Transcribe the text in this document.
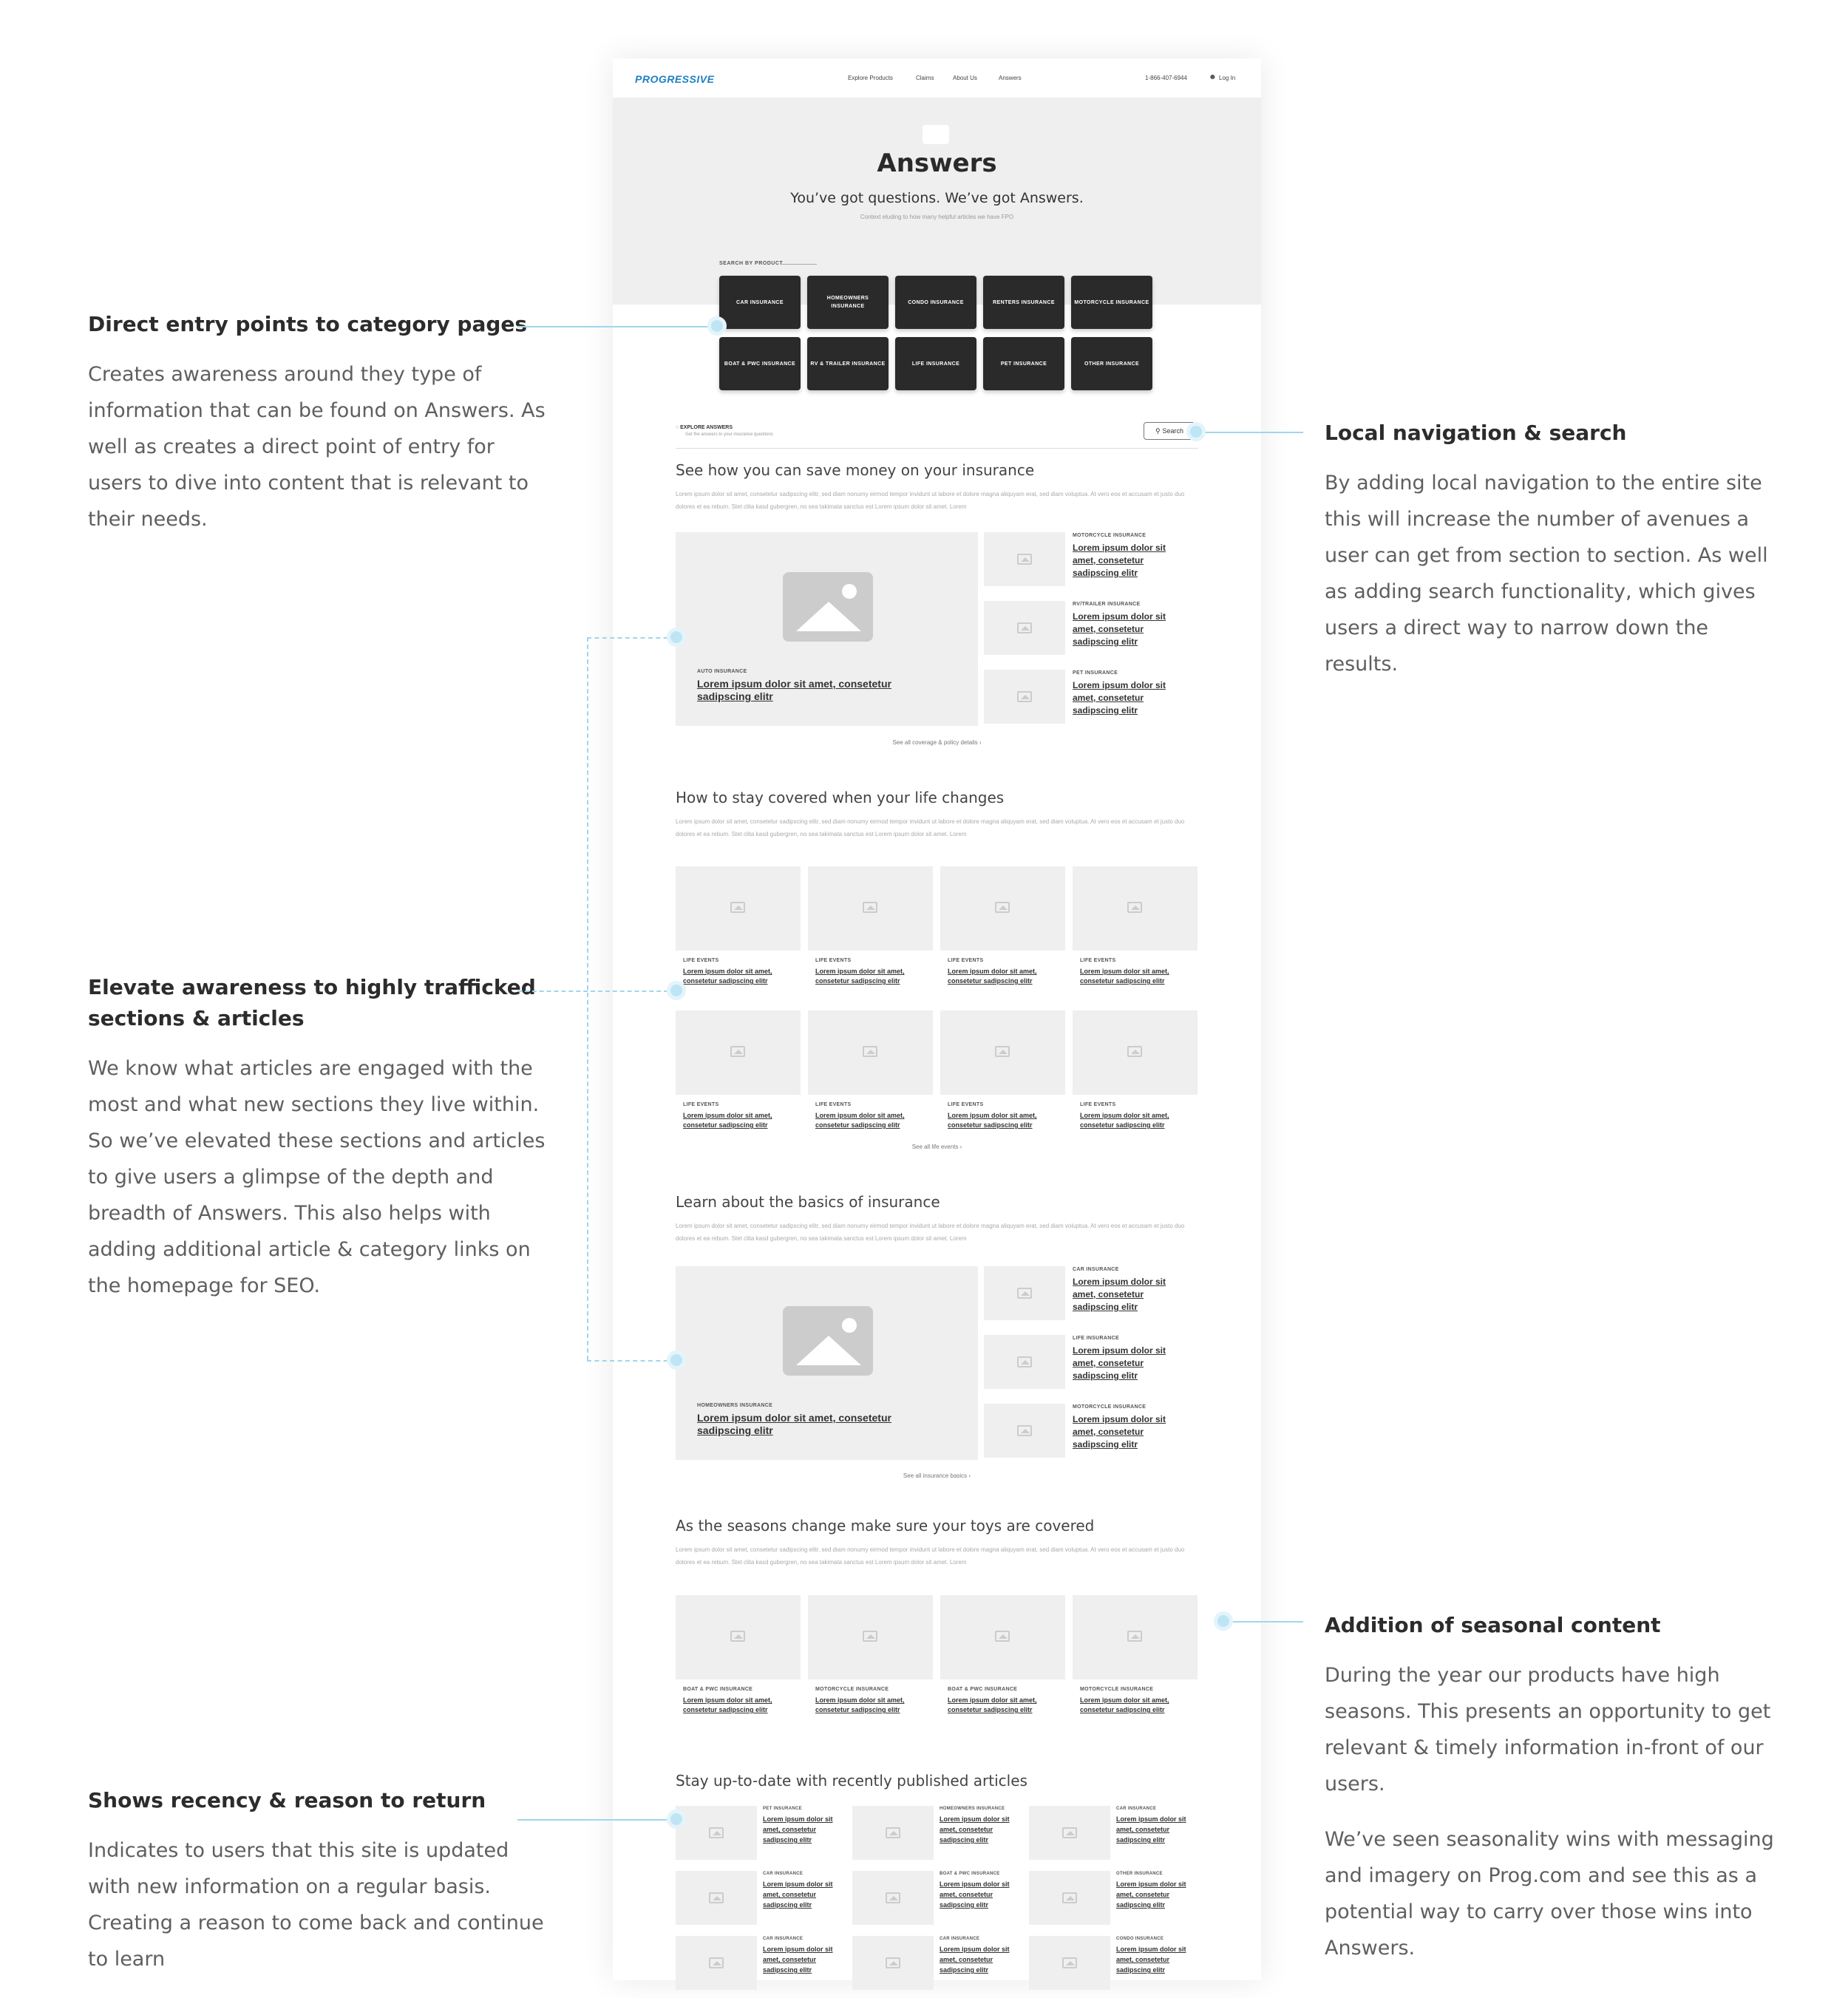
Direct entry points to category pages

Creates awareness around they type of information that can be found on Answers. As well as creates a direct point of entry for users to dive into content that is relevant to their needs.

Elevate awareness to highly trafficked sections & articles

We know what articles are engaged with the most and what new sections they live within. So we’ve elevated these sections and articles to give users a glimpse of the depth and breadth of Answers. This also helps with adding additional article & category links on the homepage for SEO.

Shows recency & reason to return

Indicates to users that this site is updated with new information on a regular basis. Creating a reason to come back and continue to learn

Local navigation & search

By adding local navigation to the entire site this will increase the number of avenues a user can get from section to section. As well as adding search functionality, which gives users a direct way to narrow down the results.

Addition of seasonal content

During the year our products have high seasons. This presents an opportunity to get relevant & timely information in-front of our users.

We’ve seen seasonality wins with messaging and imagery on Prog.com and see this as a potential way to carry over those wins into Answers.

PROGRESSIVE	Explore Products	Claims	About Us	Answers	1-866-407-6944	☻ Log In
Answers
You’ve got questions. We’ve got Answers.
Context eluding to how many helpful articles we have FPO
SEARCH BY PRODUCT
CAR INSURANCE
HOMEOWNERS INSURANCE
CONDO INSURANCE	RENTERS INSURANCE	MOTORCYCLE INSURANCE
BOAT & PWC INSURANCE	RV & TRAILER INSURANCE	LIFE INSURANCE	PET INSURANCE	OTHER INSURANCE
◌ EXPLORE ANSWERS
Get the answers to your insurance questions
⚲ Search
See how you can save money on your insurance
Lorem ipsum dolor sit amet, consetetur sadipscing elitr, sed diam nonumy eirmod tempor invidunt ut labore et dolore magna aliquyam erat, sed diam voluptua. At vero eos et accusam et justo duo dolores et ea rebum. Stet clita kasd gubergren, no sea takimata sanctus est Lorem ipsum dolor sit amet. Lorem
AUTO INSURANCE
Lorem ipsum dolor sit amet, consetetur sadipscing elitr
MOTORCYCLE INSURANCE
Lorem ipsum dolor sit amet, consetetur sadipscing elitr
RV/TRAILER INSURANCE
Lorem ipsum dolor sit amet, consetetur sadipscing elitr
PET INSURANCE
Lorem ipsum dolor sit amet, consetetur sadipscing elitr
See all coverage & policy details ›
How to stay covered when your life changes
Lorem ipsum dolor sit amet, consetetur sadipscing elitr, sed diam nonumy eirmod tempor invidunt ut labore et dolore magna aliquyam erat, sed diam voluptua. At vero eos et accusam et justo duo dolores et ea rebum. Stet clita kasd gubergren, no sea takimata sanctus est Lorem ipsum dolor sit amet. Lorem
LIFE EVENTS
Lorem ipsum dolor sit amet, consetetur sadipscing elitr
LIFE EVENTS
Lorem ipsum dolor sit amet, consetetur sadipscing elitr
LIFE EVENTS
Lorem ipsum dolor sit amet, consetetur sadipscing elitr
LIFE EVENTS
Lorem ipsum dolor sit amet, consetetur sadipscing elitr
LIFE EVENTS
Lorem ipsum dolor sit amet, consetetur sadipscing elitr
LIFE EVENTS
Lorem ipsum dolor sit amet, consetetur sadipscing elitr
LIFE EVENTS
Lorem ipsum dolor sit amet, consetetur sadipscing elitr
LIFE EVENTS
Lorem ipsum dolor sit amet, consetetur sadipscing elitr
See all life events ›
Learn about the basics of insurance
Lorem ipsum dolor sit amet, consetetur sadipscing elitr, sed diam nonumy eirmod tempor invidunt ut labore et dolore magna aliquyam erat, sed diam voluptua. At vero eos et accusam et justo duo dolores et ea rebum. Stet clita kasd gubergren, no sea takimata sanctus est Lorem ipsum dolor sit amet. Lorem
HOMEOWNERS INSURANCE
Lorem ipsum dolor sit amet, consetetur sadipscing elitr
CAR INSURANCE
Lorem ipsum dolor sit amet, consetetur sadipscing elitr
LIFE INSURANCE
Lorem ipsum dolor sit amet, consetetur sadipscing elitr
MOTORCYCLE INSURANCE
Lorem ipsum dolor sit amet, consetetur sadipscing elitr
See all insurance basics ›
As the seasons change make sure your toys are covered
Lorem ipsum dolor sit amet, consetetur sadipscing elitr, sed diam nonumy eirmod tempor invidunt ut labore et dolore magna aliquyam erat, sed diam voluptua. At vero eos et accusam et justo duo dolores et ea rebum. Stet clita kasd gubergren, no sea takimata sanctus est Lorem ipsum dolor sit amet. Lorem
BOAT & PWC INSURANCE
Lorem ipsum dolor sit amet, consetetur sadipscing elitr
MOTORCYCLE INSURANCE
Lorem ipsum dolor sit amet, consetetur sadipscing elitr
BOAT & PWC INSURANCE
Lorem ipsum dolor sit amet, consetetur sadipscing elitr
MOTORCYCLE INSURANCE
Lorem ipsum dolor sit amet, consetetur sadipscing elitr
Stay up-to-date with recently published articles
PET INSURANCE
Lorem ipsum dolor sit amet, consetetur sadipscing elitr
HOMEOWNERS INSURANCE
Lorem ipsum dolor sit amet, consetetur sadipscing elitr
CAR INSURANCE
Lorem ipsum dolor sit amet, consetetur sadipscing elitr
CAR INSURANCE
Lorem ipsum dolor sit amet, consetetur sadipscing elitr
BOAT & PWC INSURANCE
Lorem ipsum dolor sit amet, consetetur sadipscing elitr
OTHER INSURANCE
Lorem ipsum dolor sit amet, consetetur sadipscing elitr
CAR INSURANCE
Lorem ipsum dolor sit amet, consetetur sadipscing elitr
CAR INSURANCE
Lorem ipsum dolor sit amet, consetetur sadipscing elitr
CONDO INSURANCE
Lorem ipsum dolor sit amet, consetetur sadipscing elitr
